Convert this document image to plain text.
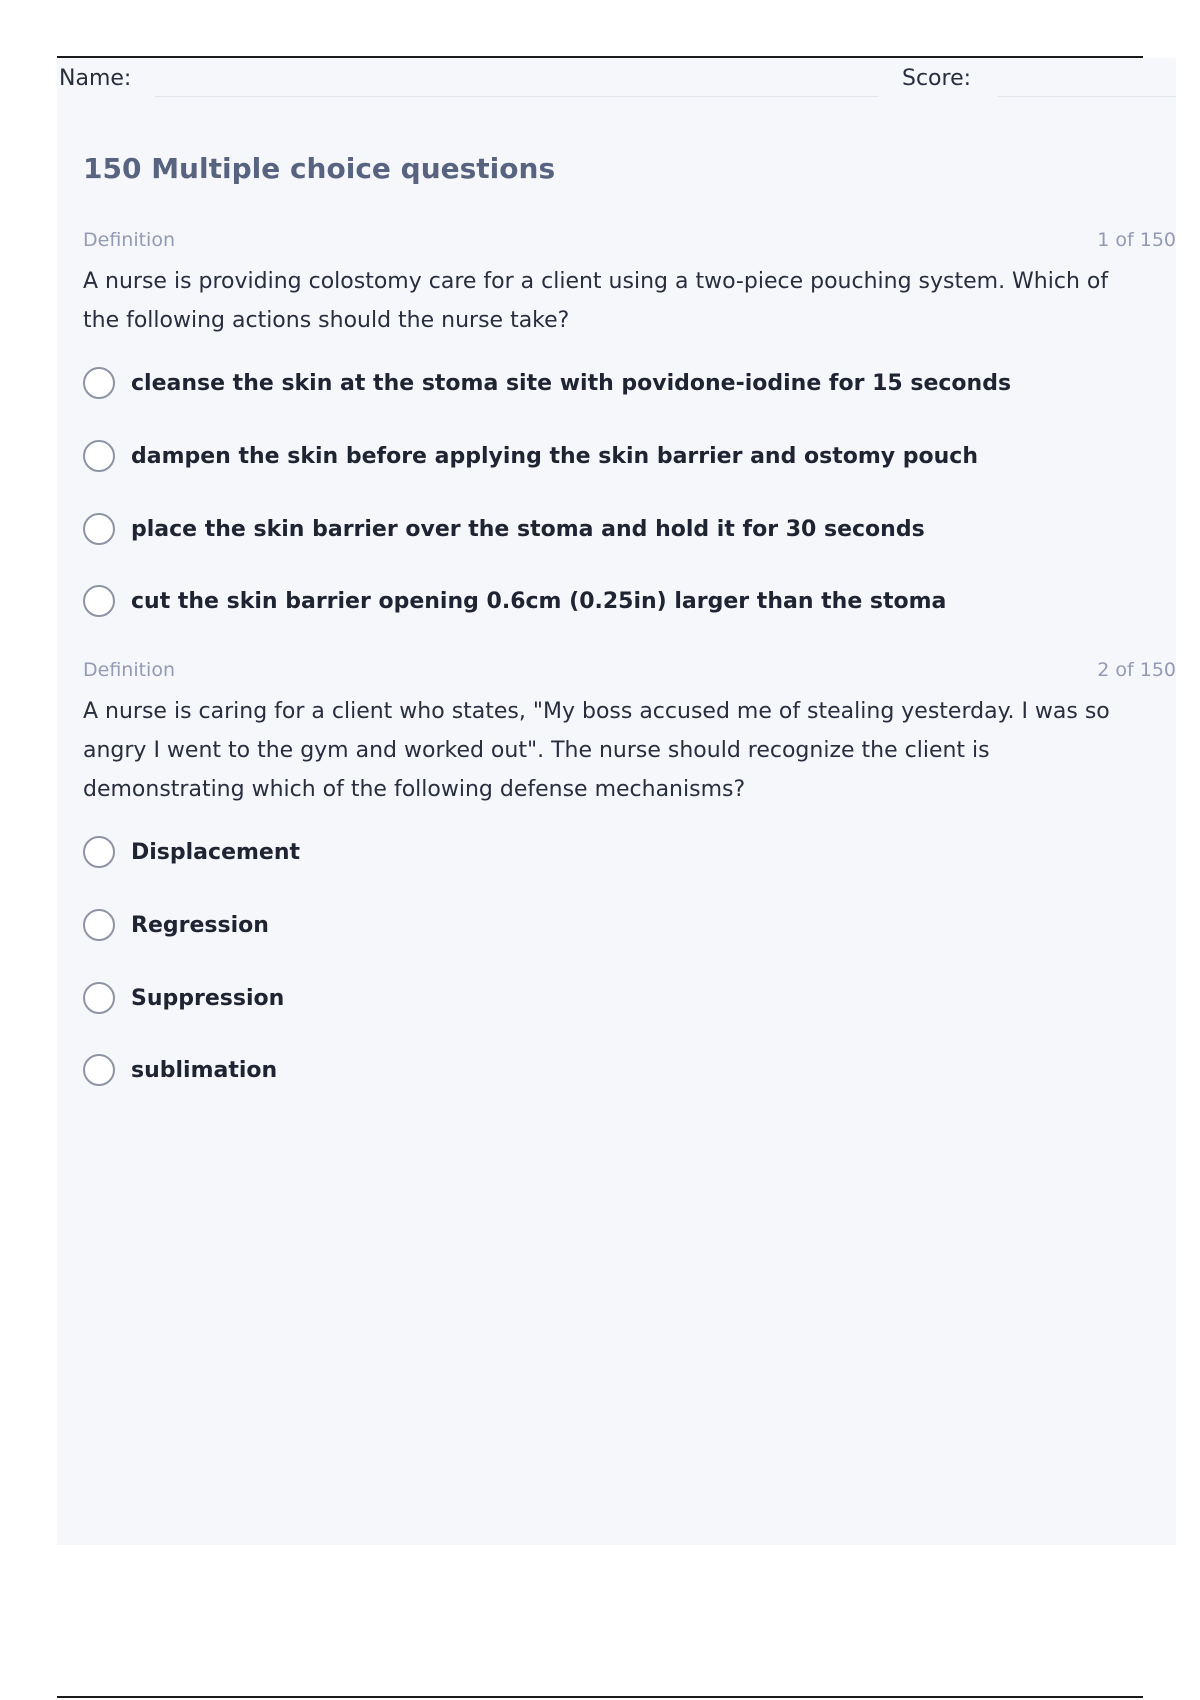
Name:	Score:
150 Multiple choice questions
Definition	1 of 150

A nurse is providing colostomy care for a client using a two-piece pouching system. Which of the following actions should the nurse take?

cleanse the skin at the stoma site with povidone-iodine for 15 seconds
dampen the skin before applying the skin barrier and ostomy pouch
place the skin barrier over the stoma and hold it for 30 seconds
cut the skin barrier opening 0.6cm (0.25in) larger than the stoma
Definition	2 of 150

A nurse is caring for a client who states, "My boss accused me of stealing yesterday. I was so angry I went to the gym and worked out". The nurse should recognize the client is demonstrating which of the following defense mechanisms?

Displacement
Regression
Suppression
sublimation
